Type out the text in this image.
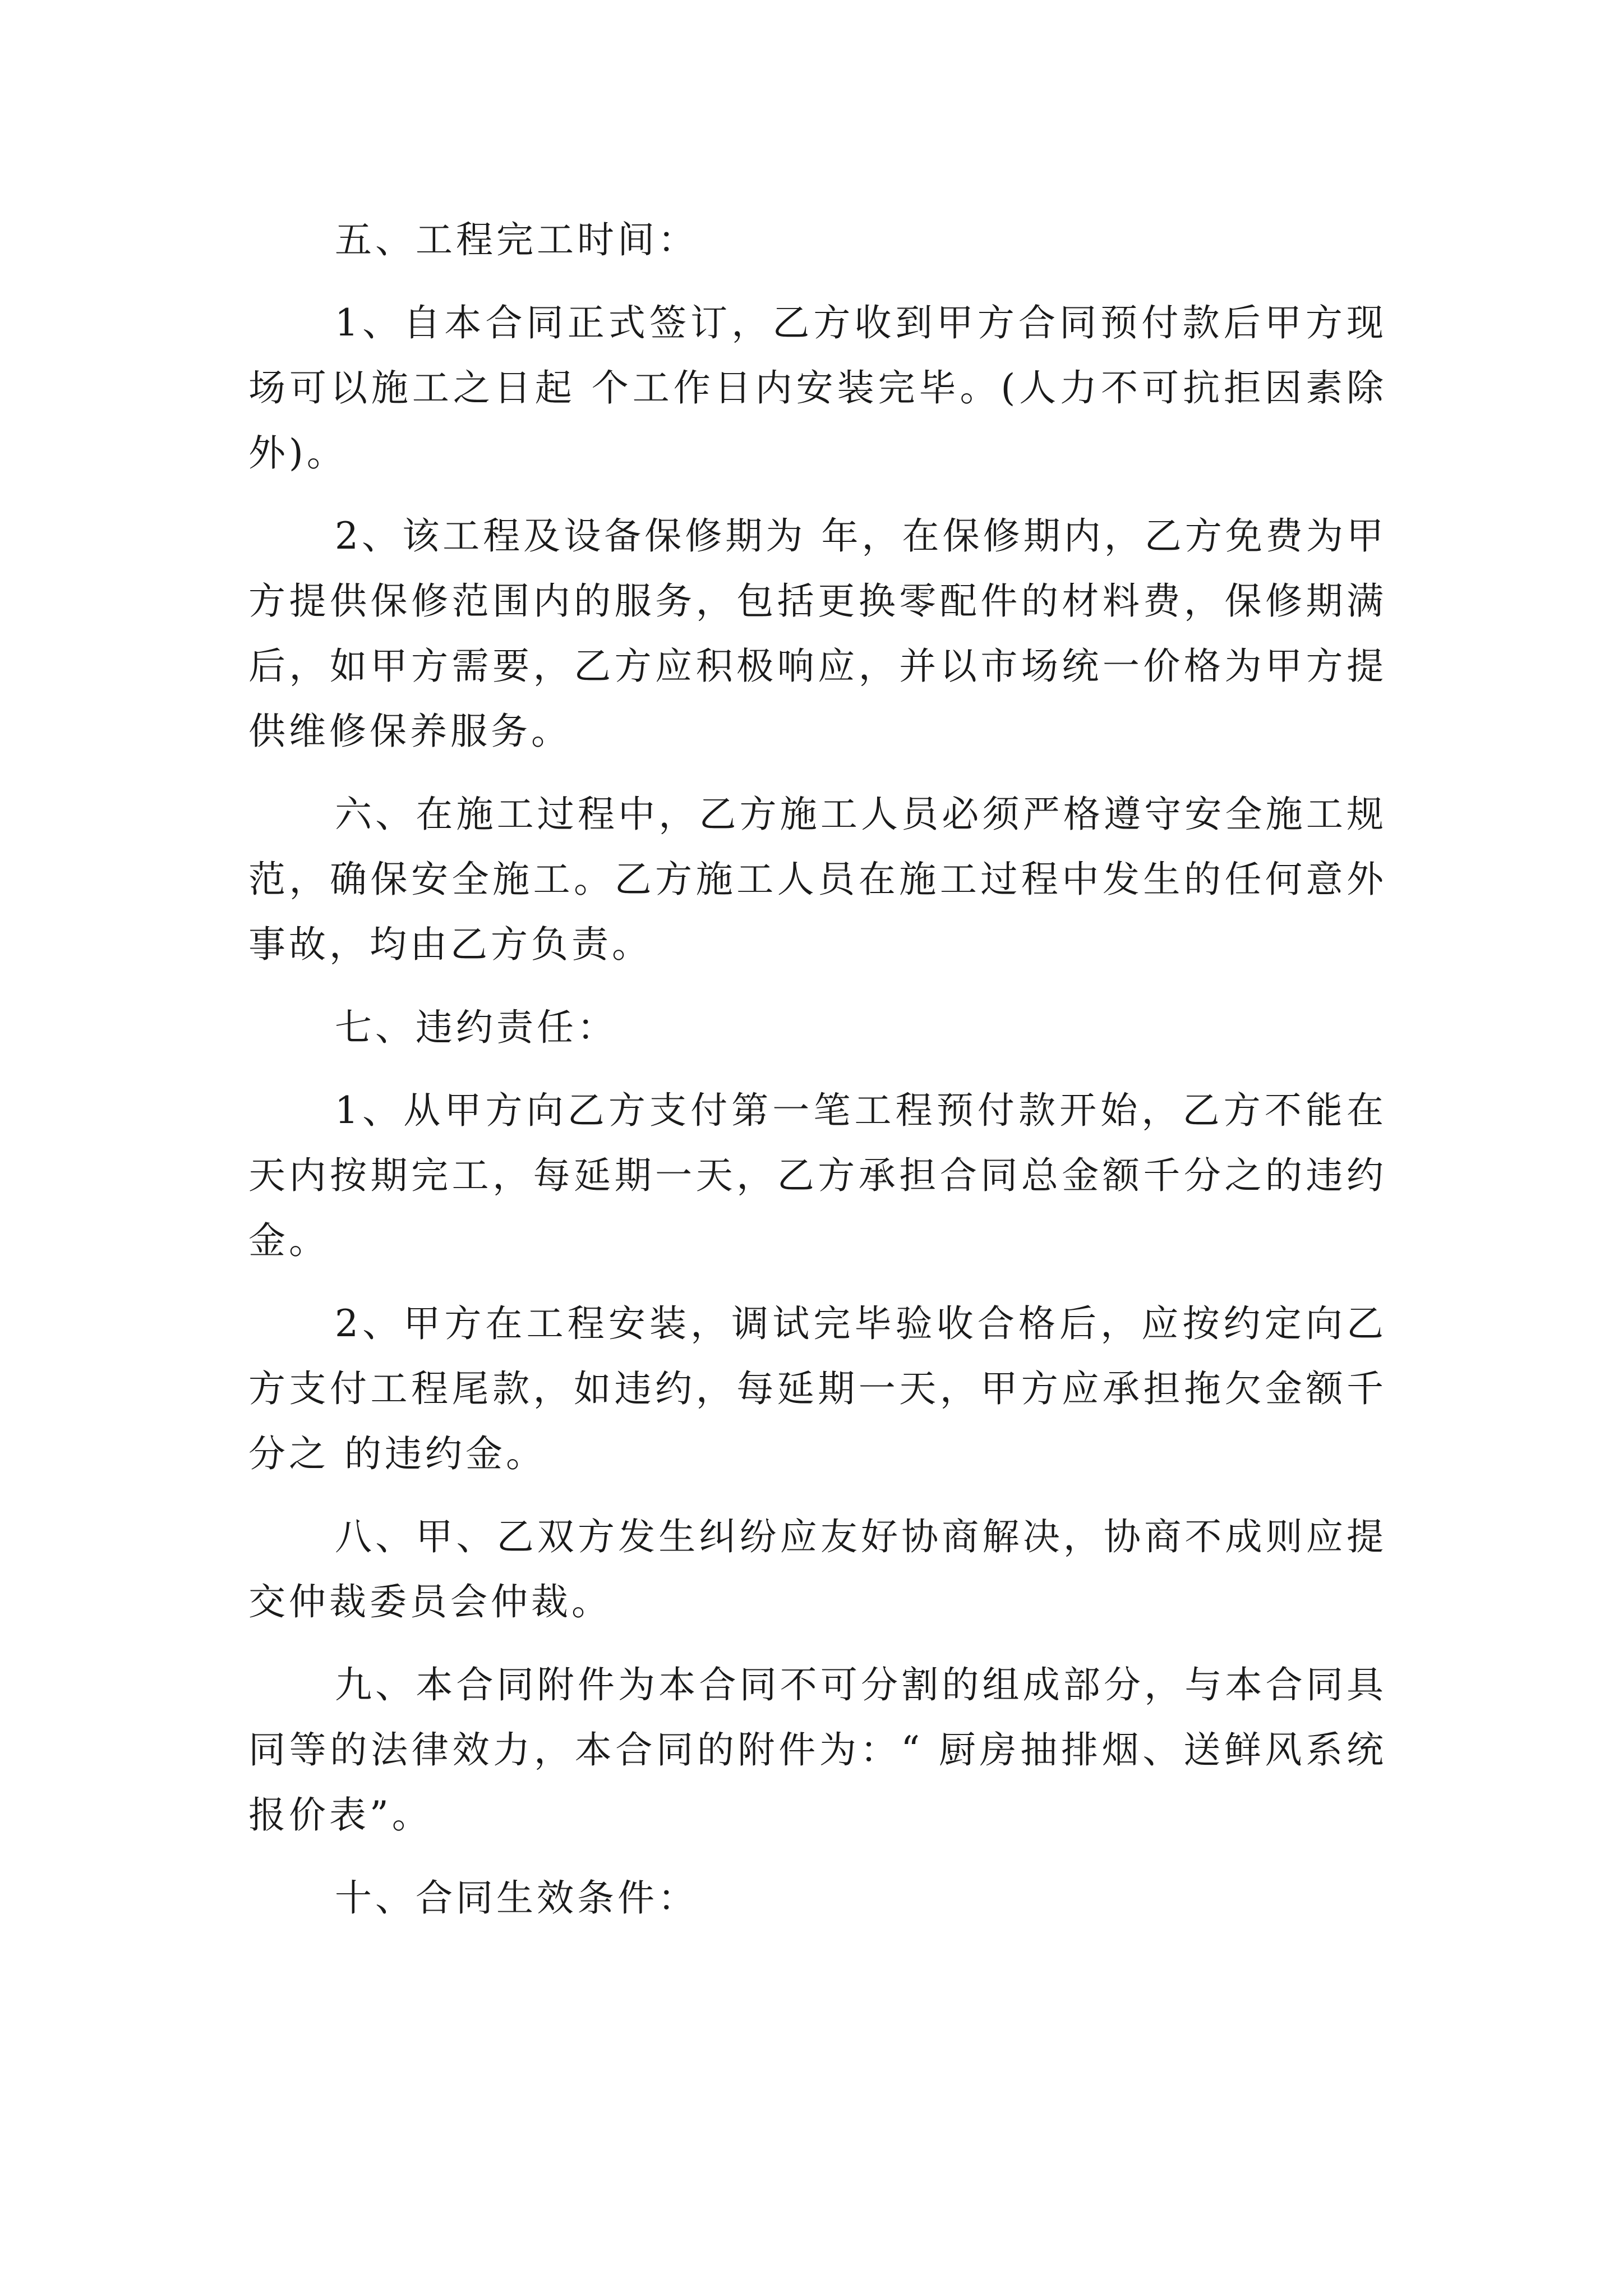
五、工程完工时间：

1、自本合同正式签订，乙方收到甲方合同预付款后甲方现场可以施工之日起 个工作日内安装完毕。(人力不可抗拒因素除外)。

2、该工程及设备保修期为 年，在保修期内，乙方免费为甲方提供保修范围内的服务，包括更换零配件的材料费，保修期满后，如甲方需要，乙方应积极响应，并以市场统一价格为甲方提供维修保养服务。

六、在施工过程中，乙方施工人员必须严格遵守安全施工规范，确保安全施工。乙方施工人员在施工过程中发生的任何意外事故，均由乙方负责。

七、违约责任：

1、从甲方向乙方支付第一笔工程预付款开始，乙方不能在天内按期完工，每延期一天，乙方承担合同总金额千分之的违约金。

2、甲方在工程安装，调试完毕验收合格后，应按约定向乙方支付工程尾款，如违约，每延期一天，甲方应承担拖欠金额千分之 的违约金。

八、甲、乙双方发生纠纷应友好协商解决，协商不成则应提交仲裁委员会仲裁。

九、本合同附件为本合同不可分割的组成部分，与本合同具同等的法律效力，本合同的附件为：“ 厨房抽排烟、送鲜风系统报价表”。

十、合同生效条件：
